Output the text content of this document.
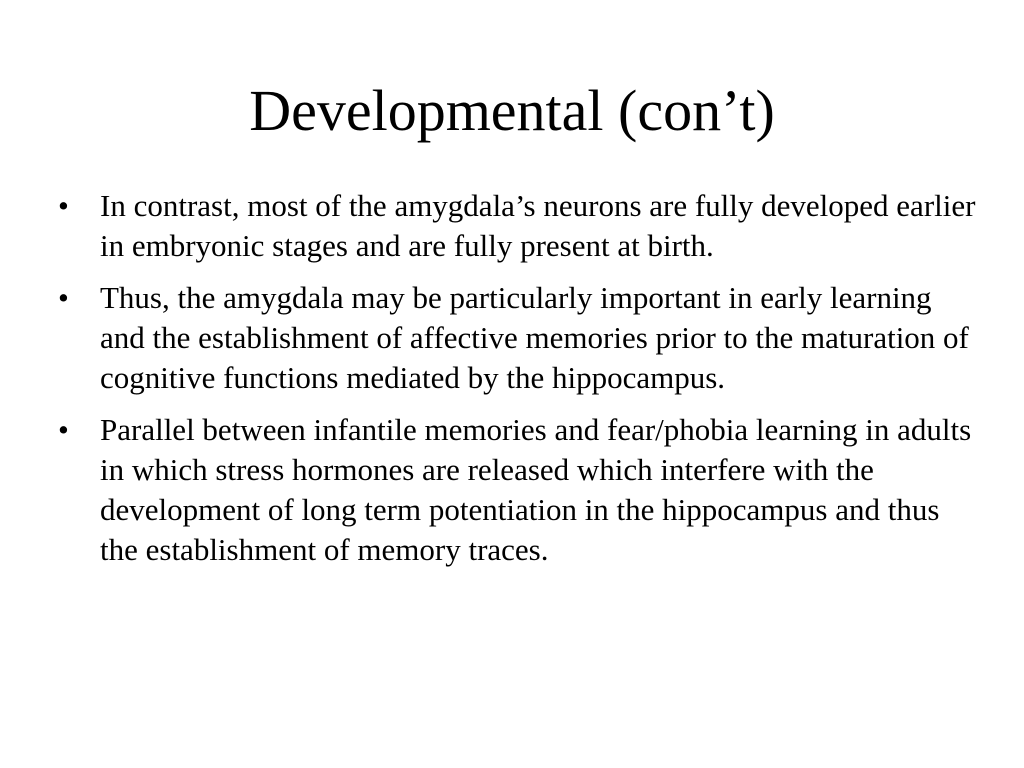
Developmental (con’t)
•	In contrast, most of the amygdala’s neurons are fully developed earlier in embryonic stages and are fully present at birth.
•	Thus, the amygdala may be particularly important in early learning and the establishment of affective memories prior to the maturation of cognitive functions mediated by the hippocampus.
•	Parallel between infantile memories and fear/phobia learning in adults in which stress hormones are released which interfere with the development of long term potentiation in the hippocampus and thus the establishment of memory traces.
